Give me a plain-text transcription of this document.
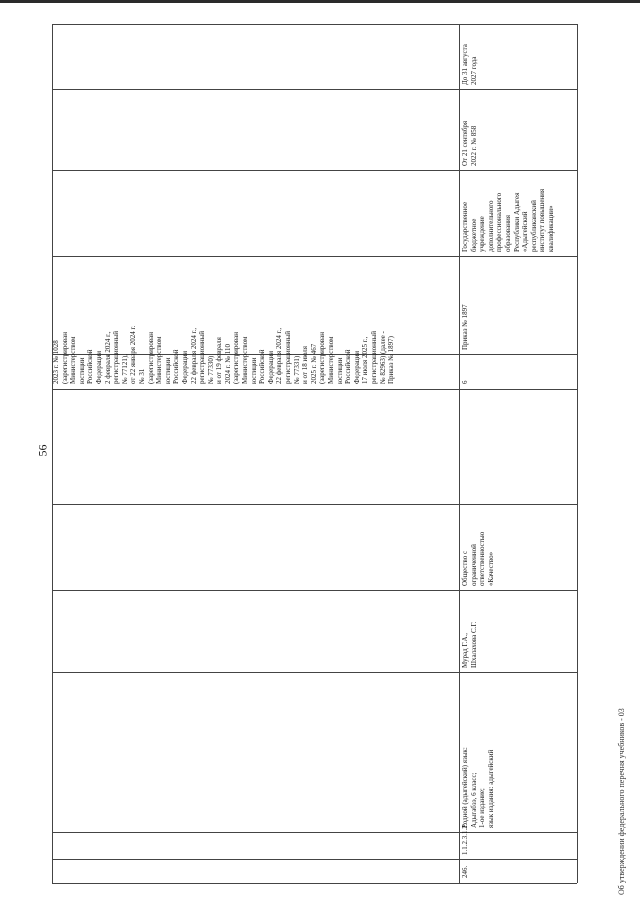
56
2023 г. № 1028 (зарегистрирован Министерством юстиции Российской Федерации 2 февраля 2024 г., регистрационный № 77121), от 22 января 2024 г. № 31 (зарегистрирован Министерством юстиции Российской Федерации 22 февраля 2024 г., регистрационный № 77330) и от 19 февраля 2024 г. № 110 (зарегистрирован Министерством юстиции Российской Федерации 22 февраля 2024 г., регистрационный № 77331) и от 18 июля 2025 г. № 467 (зарегистрирован Министерством юстиции Российской Федерации 17 июля 2025 г., регистрационный № 82963) (далее - Приказ № 1897)
246.
1.1.2.3.1.2.
Родной (адыгейский) язык: Адыгабзэ, 6 класс; 1-ое издание; язык издания: адыгейский
Мурад Г.А., Шхалахова С.Г.
Общество с ограниченной ответственностью «Качество»
6
Приказ № 1897
Государственное бюджетное учреждение дополнительного профессионального образования Республики Адыгея «Адыгейский республиканский институт повышения квалификации»
От 21 сентября 2022 г. № 858
До 31 августа 2027 года
Об утверждении федерального перечня учебников - 03
